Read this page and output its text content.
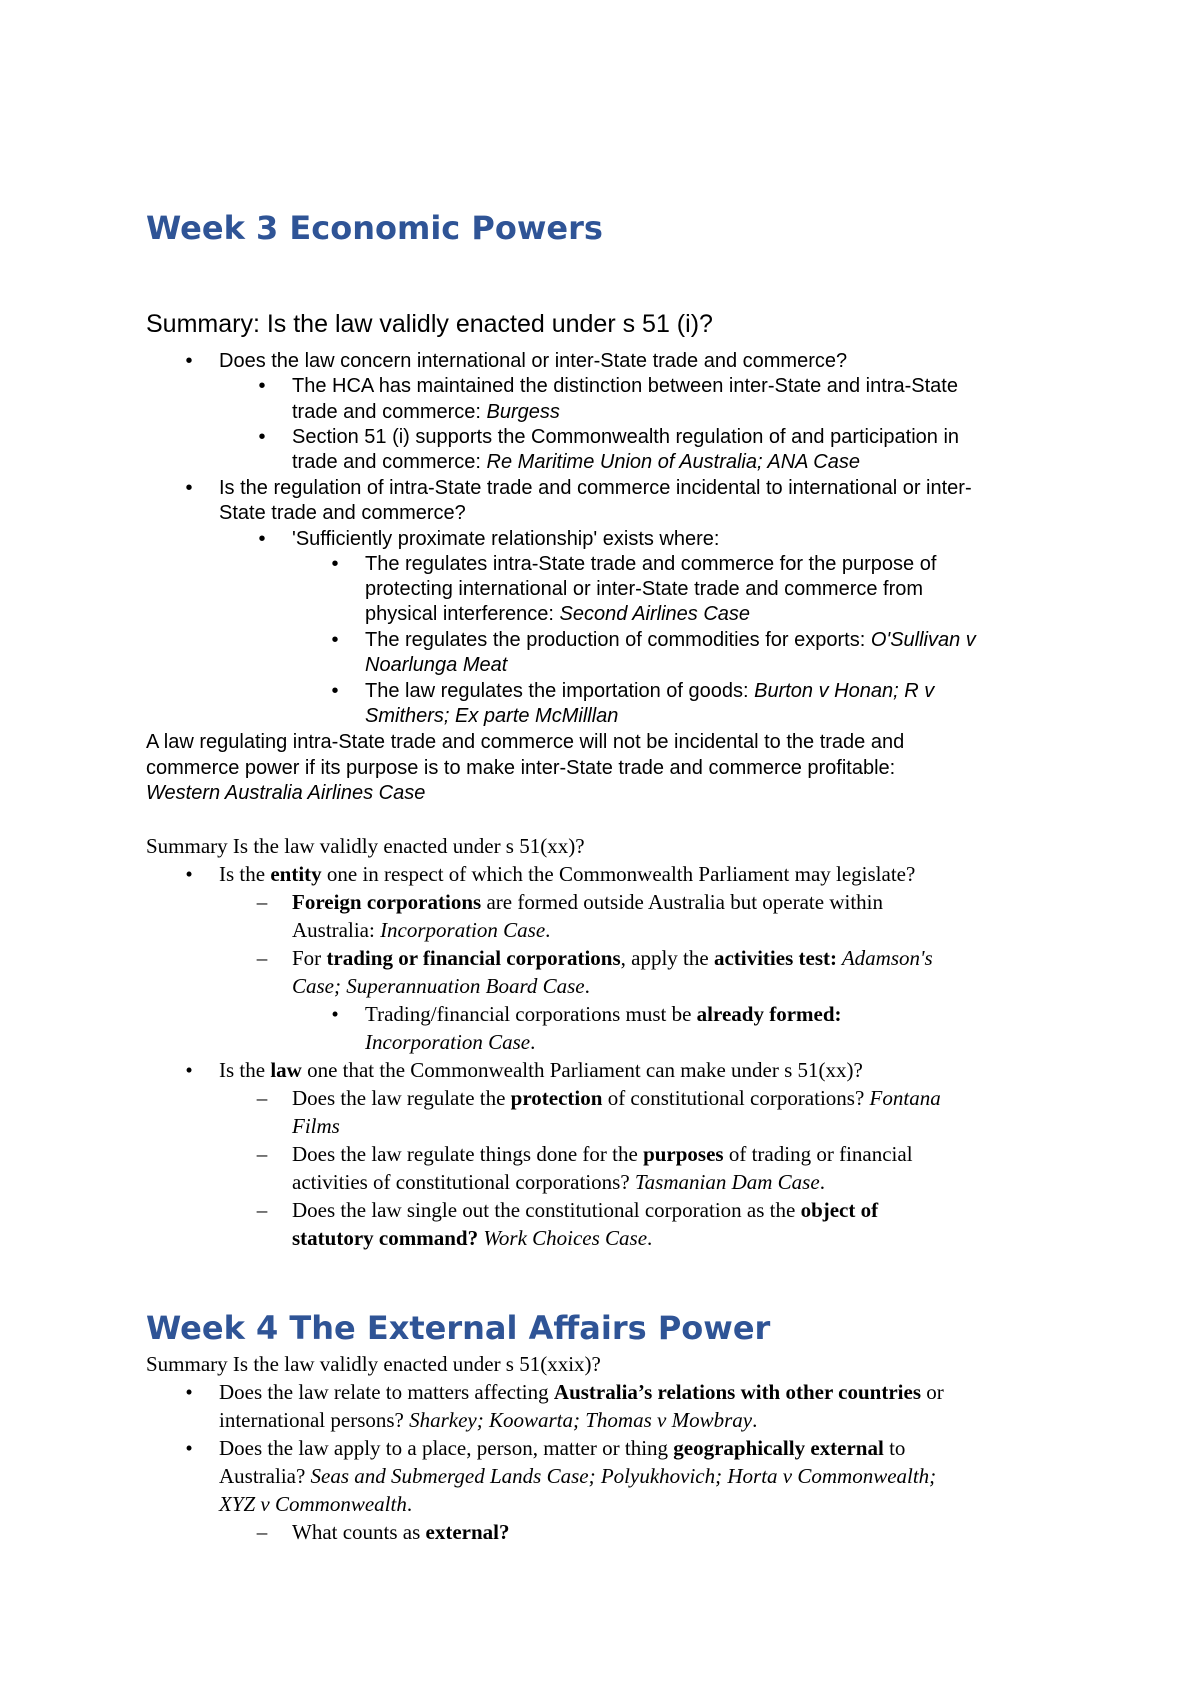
Week 3 Economic Powers
Summary: Is the law validly enacted under s 51 (i)?
•	Does the law concern international or inter-State trade and commerce?
•	The HCA has maintained the distinction between inter-State and intra-State
trade and commerce: Burgess
•	Section 51 (i) supports the Commonwealth regulation of and participation in
trade and commerce: Re Maritime Union of Australia; ANA Case
•	Is the regulation of intra-State trade and commerce incidental to international or inter-
State trade and commerce?
•	'Sufficiently proximate relationship' exists where:
•	The regulates intra-State trade and commerce for the purpose of
protecting international or inter-State trade and commerce from
physical interference: Second Airlines Case
•	The regulates the production of commodities for exports: O'Sullivan v
Noarlunga Meat
•	The law regulates the importation of goods: Burton v Honan; R v
Smithers; Ex parte McMilllan
A law regulating intra-State trade and commerce will not be incidental to the trade and
commerce power if its purpose is to make inter-State trade and commerce profitable:
Western Australia Airlines Case
Summary Is the law validly enacted under s 51(xx)?
•	Is the entity one in respect of which the Commonwealth Parliament may legislate?
– Foreign corporations are formed outside Australia but operate within
Australia: Incorporation Case.
– For trading or financial corporations, apply the activities test: Adamson's
Case; Superannuation Board Case.
•	Trading/financial corporations must be already formed:
Incorporation Case.
•	Is the law one that the Commonwealth Parliament can make under s 51(xx)?
– Does the law regulate the protection of constitutional corporations? Fontana
Films
– Does the law regulate things done for the purposes of trading or financial
activities of constitutional corporations? Tasmanian Dam Case.
– Does the law single out the constitutional corporation as the object of
statutory command? Work Choices Case.
Week 4 The External Affairs Power
Summary Is the law validly enacted under s 51(xxix)?
•	Does the law relate to matters affecting Australia’s relations with other countries or
international persons? Sharkey; Koowarta; Thomas v Mowbray.
•	Does the law apply to a place, person, matter or thing geographically external to
Australia? Seas and Submerged Lands Case; Polyukhovich; Horta v Commonwealth;
XYZ v Commonwealth.
– What counts as external?
